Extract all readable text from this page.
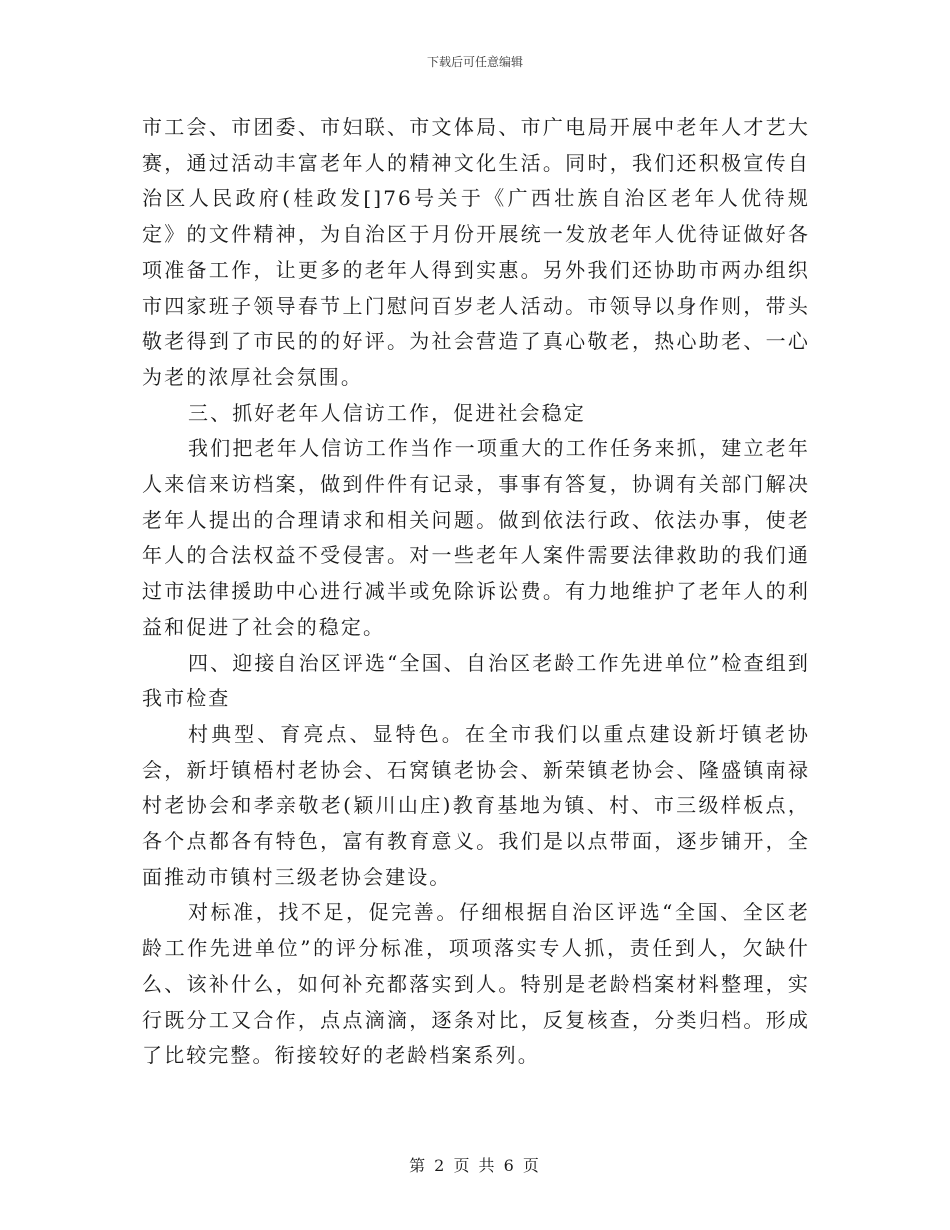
下载后可任意编辑

市工会、市团委、市妇联、市文体局、市广电局开展中老年人才艺大赛，通过活动丰富老年人的精神文化生活。同时，我们还积极宣传自治区人民政府(桂政发[]76号关于《广西壮族自治区老年人优待规定》的文件精神，为自治区于月份开展统一发放老年人优待证做好各项准备工作，让更多的老年人得到实惠。另外我们还协助市两办组织市四家班子领导春节上门慰问百岁老人活动。市领导以身作则，带头敬老得到了市民的的好评。为社会营造了真心敬老，热心助老、一心为老的浓厚社会氛围。

三、抓好老年人信访工作，促进社会稳定

我们把老年人信访工作当作一项重大的工作任务来抓，建立老年人来信来访档案，做到件件有记录，事事有答复，协调有关部门解决老年人提出的合理请求和相关问题。做到依法行政、依法办事，使老年人的合法权益不受侵害。对一些老年人案件需要法律救助的我们通过市法律援助中心进行减半或免除诉讼费。有力地维护了老年人的利益和促进了社会的稳定。

四、迎接自治区评选“全国、自治区老龄工作先进单位”检查组到我市检查

村典型、育亮点、显特色。在全市我们以重点建设新圩镇老协会，新圩镇梧村老协会、石窝镇老协会、新荣镇老协会、隆盛镇南禄村老协会和孝亲敬老(颖川山庄)教育基地为镇、村、市三级样板点，各个点都各有特色，富有教育意义。我们是以点带面，逐步铺开，全面推动市镇村三级老协会建设。

对标准，找不足，促完善。仔细根据自治区评选“全国、全区老龄工作先进单位”的评分标准，项项落实专人抓，责任到人，欠缺什么、该补什么，如何补充都落实到人。特别是老龄档案材料整理，实行既分工又合作，点点滴滴，逐条对比，反复核查，分类归档。形成了比较完整。衔接较好的老龄档案系列。

第 2 页 共 6 页
